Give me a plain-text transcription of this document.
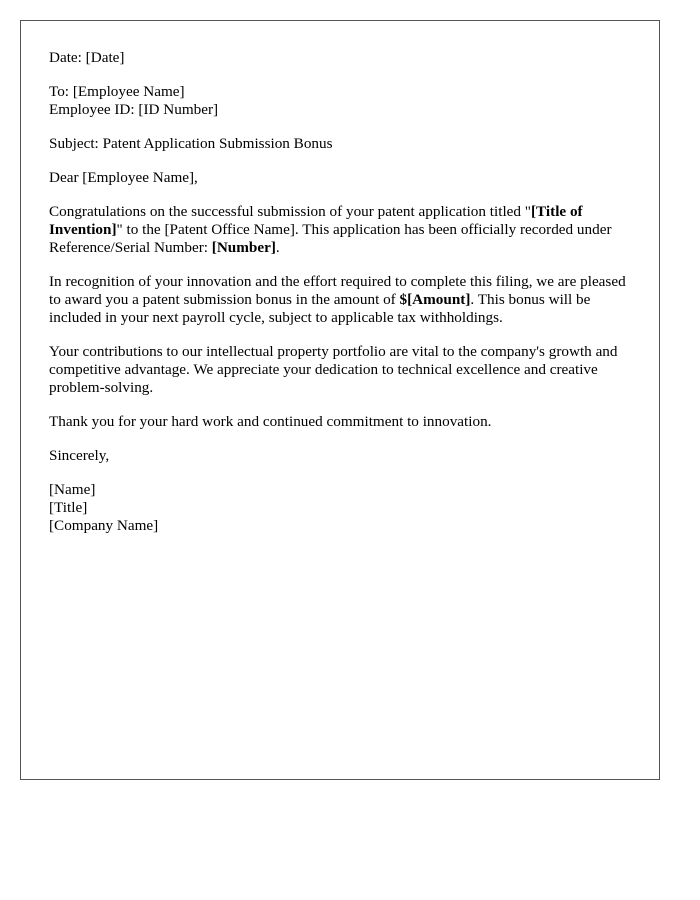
Date: [Date]
To: [Employee Name]
Employee ID: [ID Number]
Subject: Patent Application Submission Bonus
Dear [Employee Name],

Congratulations on the successful submission of your patent application titled "[Title of Invention]" to the [Patent Office Name]. This application has been officially recorded under Reference/Serial Number: [Number].

In recognition of your innovation and the effort required to complete this filing, we are pleased to award you a patent submission bonus in the amount of $[Amount]. This bonus will be included in your next payroll cycle, subject to applicable tax withholdings.

Your contributions to our intellectual property portfolio are vital to the company's growth and competitive advantage. We appreciate your dedication to technical excellence and creative problem-solving.

Thank you for your hard work and continued commitment to innovation.

Sincerely,
[Name]
[Title]
[Company Name]
